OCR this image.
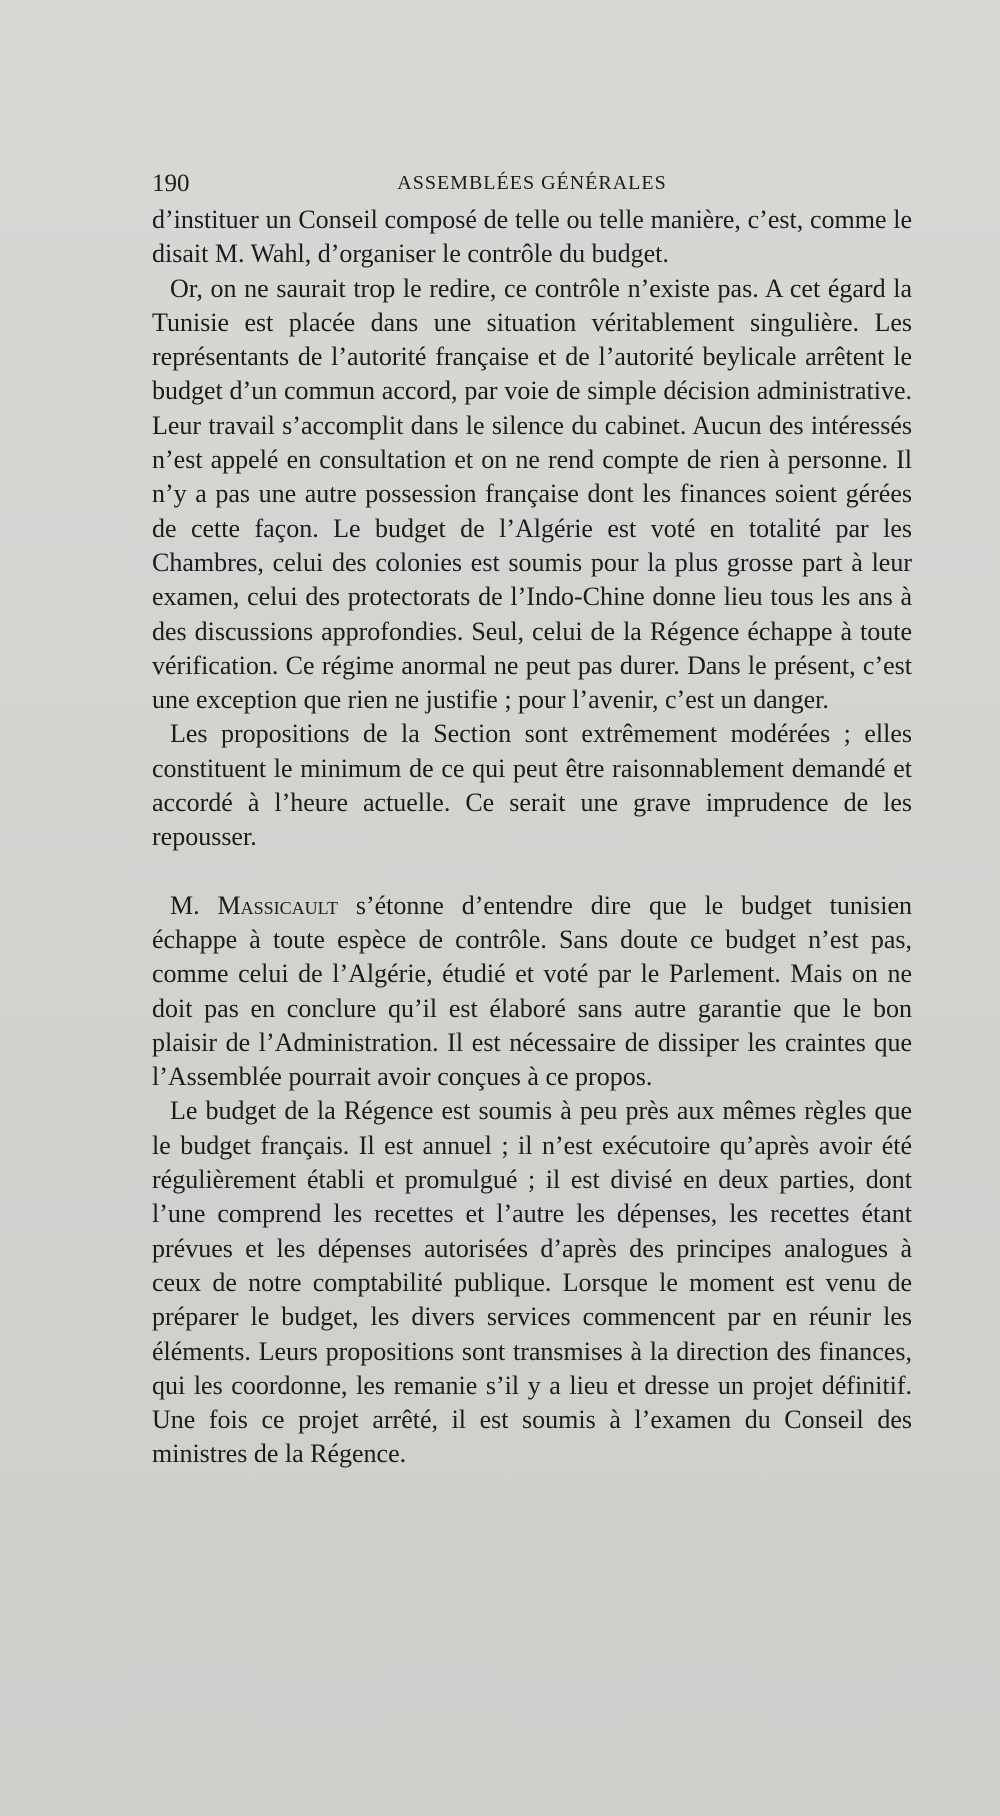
190	ASSEMBLÉES GÉNÉRALES

d’instituer un Conseil composé de telle ou telle manière, c’est, comme le disait M. Wahl, d’organiser le contrôle du budget.

Or, on ne saurait trop le redire, ce contrôle n’existe pas. A cet égard la Tunisie est placée dans une situation véritablement singulière. Les représentants de l’autorité française et de l’autorité beylicale arrêtent le budget d’un commun accord, par voie de simple décision administrative. Leur travail s’accomplit dans le silence du cabinet. Aucun des intéressés n’est appelé en consultation et on ne rend compte de rien à personne. Il n’y a pas une autre possession française dont les finances soient gérées de cette façon. Le budget de l’Algérie est voté en totalité par les Chambres, celui des colonies est soumis pour la plus grosse part à leur examen, celui des protectorats de l’Indo-Chine donne lieu tous les ans à des discussions approfondies. Seul, celui de la Régence échappe à toute vérification. Ce régime anormal ne peut pas durer. Dans le présent, c’est une exception que rien ne justifie ; pour l’avenir, c’est un danger.

Les propositions de la Section sont extrêmement modérées ; elles constituent le minimum de ce qui peut être raisonnablement demandé et accordé à l’heure actuelle. Ce serait une grave imprudence de les repousser.

M. Massicault s’étonne d’entendre dire que le budget tunisien échappe à toute espèce de contrôle. Sans doute ce budget n’est pas, comme celui de l’Algérie, étudié et voté par le Parlement. Mais on ne doit pas en conclure qu’il est élaboré sans autre garantie que le bon plaisir de l’Administration. Il est nécessaire de dissiper les craintes que l’Assemblée pourrait avoir conçues à ce propos.

Le budget de la Régence est soumis à peu près aux mêmes règles que le budget français. Il est annuel ; il n’est exécutoire qu’après avoir été régulièrement établi et promulgué ; il est divisé en deux parties, dont l’une comprend les recettes et l’autre les dépenses, les recettes étant prévues et les dépenses autorisées d’après des principes analogues à ceux de notre comptabilité publique. Lorsque le moment est venu de préparer le budget, les divers services commencent par en réunir les éléments. Leurs propositions sont transmises à la direction des finances, qui les coordonne, les remanie s’il y a lieu et dresse un projet définitif. Une fois ce projet arrêté, il est soumis à l’examen du Conseil des ministres de la Régence.
